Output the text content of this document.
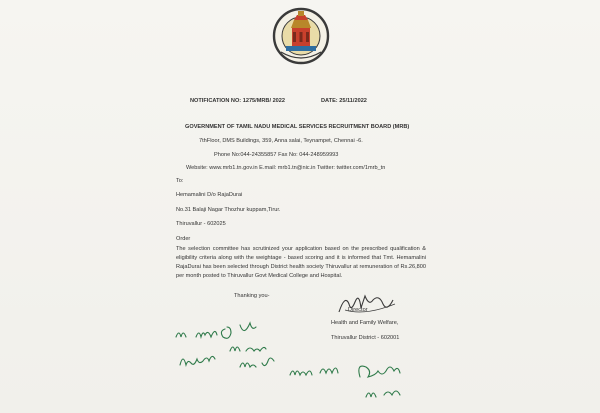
NOTIFICATION NO: 1275/MRB/ 2022	DATE: 25/11/2022
GOVERNMENT OF TAMIL NADU MEDICAL SERVICES RECRUITMENT BOARD (MRB)
7thFloor, DMS Buildings, 359, Anna salai, Teynampet, Chennai -6.
Phone No:044-24355857 Fax No: 044-248959993
Website: www.mrb1.tn.gov.in E.mail: mrb1.tn@nic.in Twitter: twitter.com/1mrb_tn
To:
Hemamalini D/o RajaDurai
No.31 Balaji Nagar Thozhur kuppam,Tirur.
Thiruvallur - 602025
Order
The selection committee has scrutinized your application based on the prescribed qualification & eligibility criteria along with the weightage - based scoring and it is informed that Tmt. Hemamalini RajaDurai has been selected through District health society Thiruvallur at remuneration of Rs.26,800 per month posted to Thiruvallur Govt Medical College and Hospital.
Thanking you-
Director
Health and Family Welfare,
Thiruvallur District - 602001
